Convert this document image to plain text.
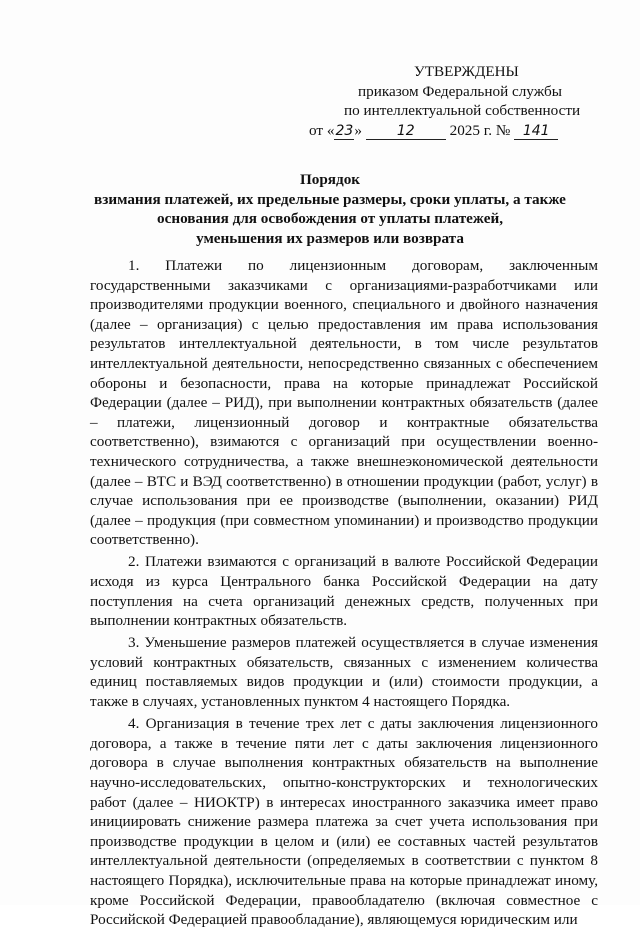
УТВЕРЖДЕНЫ
приказом Федеральной службы
по интеллектуальной собственности
от «23» 12 2025 г. № 141
Порядок
взимания платежей, их предельные размеры, сроки уплаты, а также
основания для освобождения от уплаты платежей,
уменьшения их размеров или возврата

1. Платежи по лицензионным договорам, заключенным государственными заказчиками с организациями-разработчиками или производителями продукции военного, специального и двойного назначения (далее – организация) с целью предоставления им права использования результатов интеллектуальной деятельности, в том числе результатов интеллектуальной деятельности, непосредственно связанных с обеспечением обороны и безопасности, права на которые принадлежат Российской Федерации (далее – РИД), при выполнении контрактных обязательств (далее – платежи, лицензионный договор и контрактные обязательства соответственно), взимаются с организаций при осуществлении военно-технического сотрудничества, а также внешнеэкономической деятельности (далее – ВТС и ВЭД соответственно) в отношении продукции (работ, услуг) в случае использования при ее производстве (выполнении, оказании) РИД (далее – продукция (при совместном упоминании) и производство продукции соответственно).

2. Платежи взимаются с организаций в валюте Российской Федерации исходя из курса Центрального банка Российской Федерации на дату поступления на счета организаций денежных средств, полученных при выполнении контрактных обязательств.

3. Уменьшение размеров платежей осуществляется в случае изменения условий контрактных обязательств, связанных с изменением количества единиц поставляемых видов продукции и (или) стоимости продукции, а также в случаях, установленных пунктом 4 настоящего Порядка.

4. Организация в течение трех лет с даты заключения лицензионного договора, а также в течение пяти лет с даты заключения лицензионного договора в случае выполнения контрактных обязательств на выполнение научно-исследовательских, опытно-конструкторских и технологических работ (далее – НИОКТР) в интересах иностранного заказчика имеет право инициировать снижение размера платежа за счет учета использования при производстве продукции в целом и (или) ее составных частей результатов интеллектуальной деятельности (определяемых в соответствии с пунктом 8 настоящего Порядка), исключительные права на которые принадлежат иному, кроме Российской Федерации, правообладателю (включая совместное с Российской Федерацией правообладание), являющемуся юридическим или
